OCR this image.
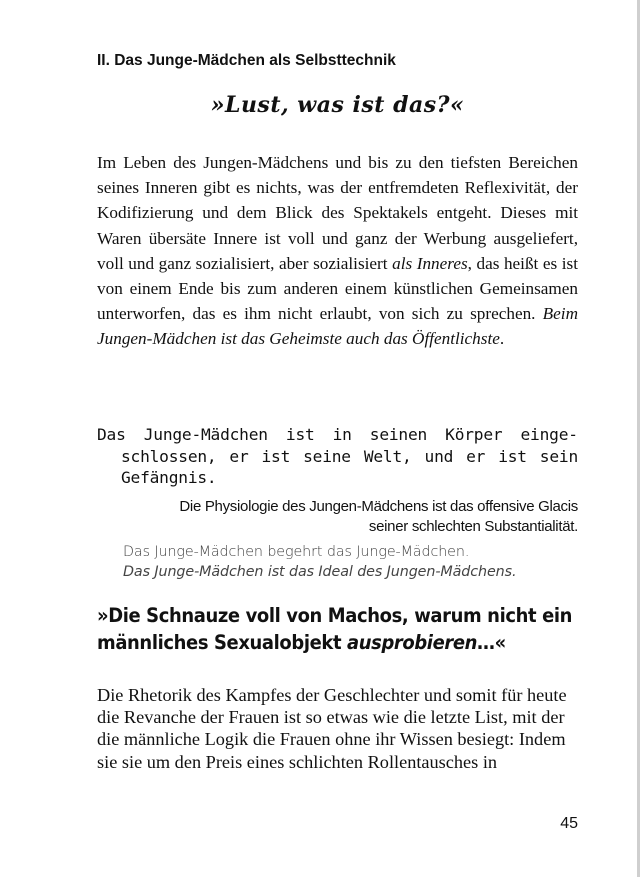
II. Das Junge-Mädchen als Selbsttechnik
»Lust, was ist das?«
Im Leben des Jungen-Mädchens und bis zu den tiefsten Bereichen seines Inneren gibt es nichts, was der entfremdeten Reflexivität, der Kodifizierung und dem Blick des Spektakels entgeht. Dieses mit Waren übersäte Innere ist voll und ganz der Werbung ausgeliefert, voll und ganz sozialisiert, aber sozialisiert als Inneres, das heißt es ist von einem Ende bis zum anderen einem künstlichen Gemeinsamen unterworfen, das es ihm nicht erlaubt, von sich zu sprechen. Beim Jungen-Mädchen ist das Geheimste auch das Öffentlichste.
Das Junge-Mädchen ist in seinen Körper eingeschlossen, er ist seine Welt, und er ist sein Gefängnis.
Die Physiologie des Jungen-Mädchens ist das offensive Glacis
seiner schlechten Substantialität.
Das Junge-Mädchen begehrt das Junge-Mädchen.
Das Junge-Mädchen ist das Ideal des Jungen-Mädchens.
»Die Schnauze voll von Machos, warum nicht ein
männliches Sexualobjekt ausprobieren…«
Die Rhetorik des Kampfes der Geschlechter und somit für heute die Revanche der Frauen ist so etwas wie die letzte List, mit der die männliche Logik die Frauen ohne ihr Wissen besiegt: Indem sie sie um den Preis eines schlichten Rollentausches in
45
